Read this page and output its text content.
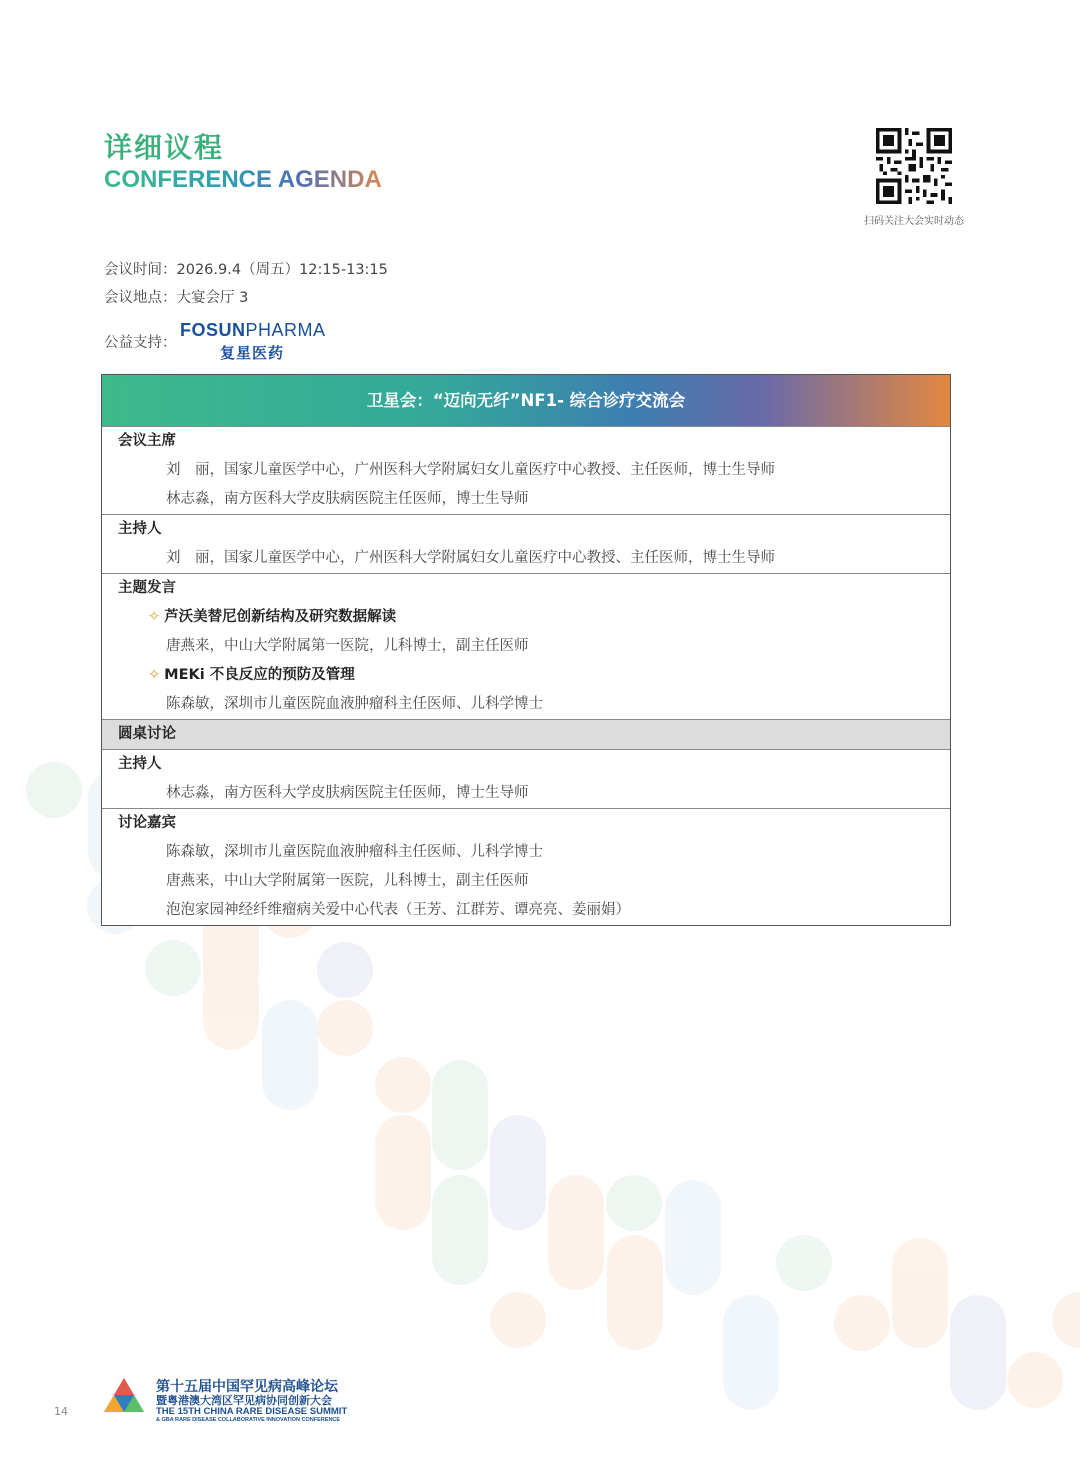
详细议程
CONFERENCE AGENDA
扫码关注大会实时动态
会议时间：2026.9.4（周五）12:15-13:15
会议地点：大宴会厅 3
公益支持：
FOSUNPHARMA
复星医药
卫星会：“迈向无纤”NF1- 综合诊疗交流会
会议主席
刘　丽，国家儿童医学中心，广州医科大学附属妇女儿童医疗中心教授、主任医师，博士生导师
林志淼，南方医科大学皮肤病医院主任医师，博士生导师
主持人
刘　丽，国家儿童医学中心，广州医科大学附属妇女儿童医疗中心教授、主任医师，博士生导师
主题发言
✧ 芦沃美替尼创新结构及研究数据解读
唐燕来，中山大学附属第一医院，儿科博士，副主任医师
✧ MEKi 不良反应的预防及管理
陈森敏，深圳市儿童医院血液肿瘤科主任医师、儿科学博士
圆桌讨论
主持人
林志淼，南方医科大学皮肤病医院主任医师，博士生导师
讨论嘉宾
陈森敏，深圳市儿童医院血液肿瘤科主任医师、儿科学博士
唐燕来，中山大学附属第一医院，儿科博士，副主任医师
泡泡家园神经纤维瘤病关爱中心代表（王芳、江群芳、谭亮亮、姜丽娟）
第十五届中国罕见病高峰论坛
暨粤港澳大湾区罕见病协同创新大会
THE 15TH CHINA RARE DISEASE SUMMIT
& GBA RARE DISEASE COLLABORATIVE INNOVATION CONFERENCE
14
